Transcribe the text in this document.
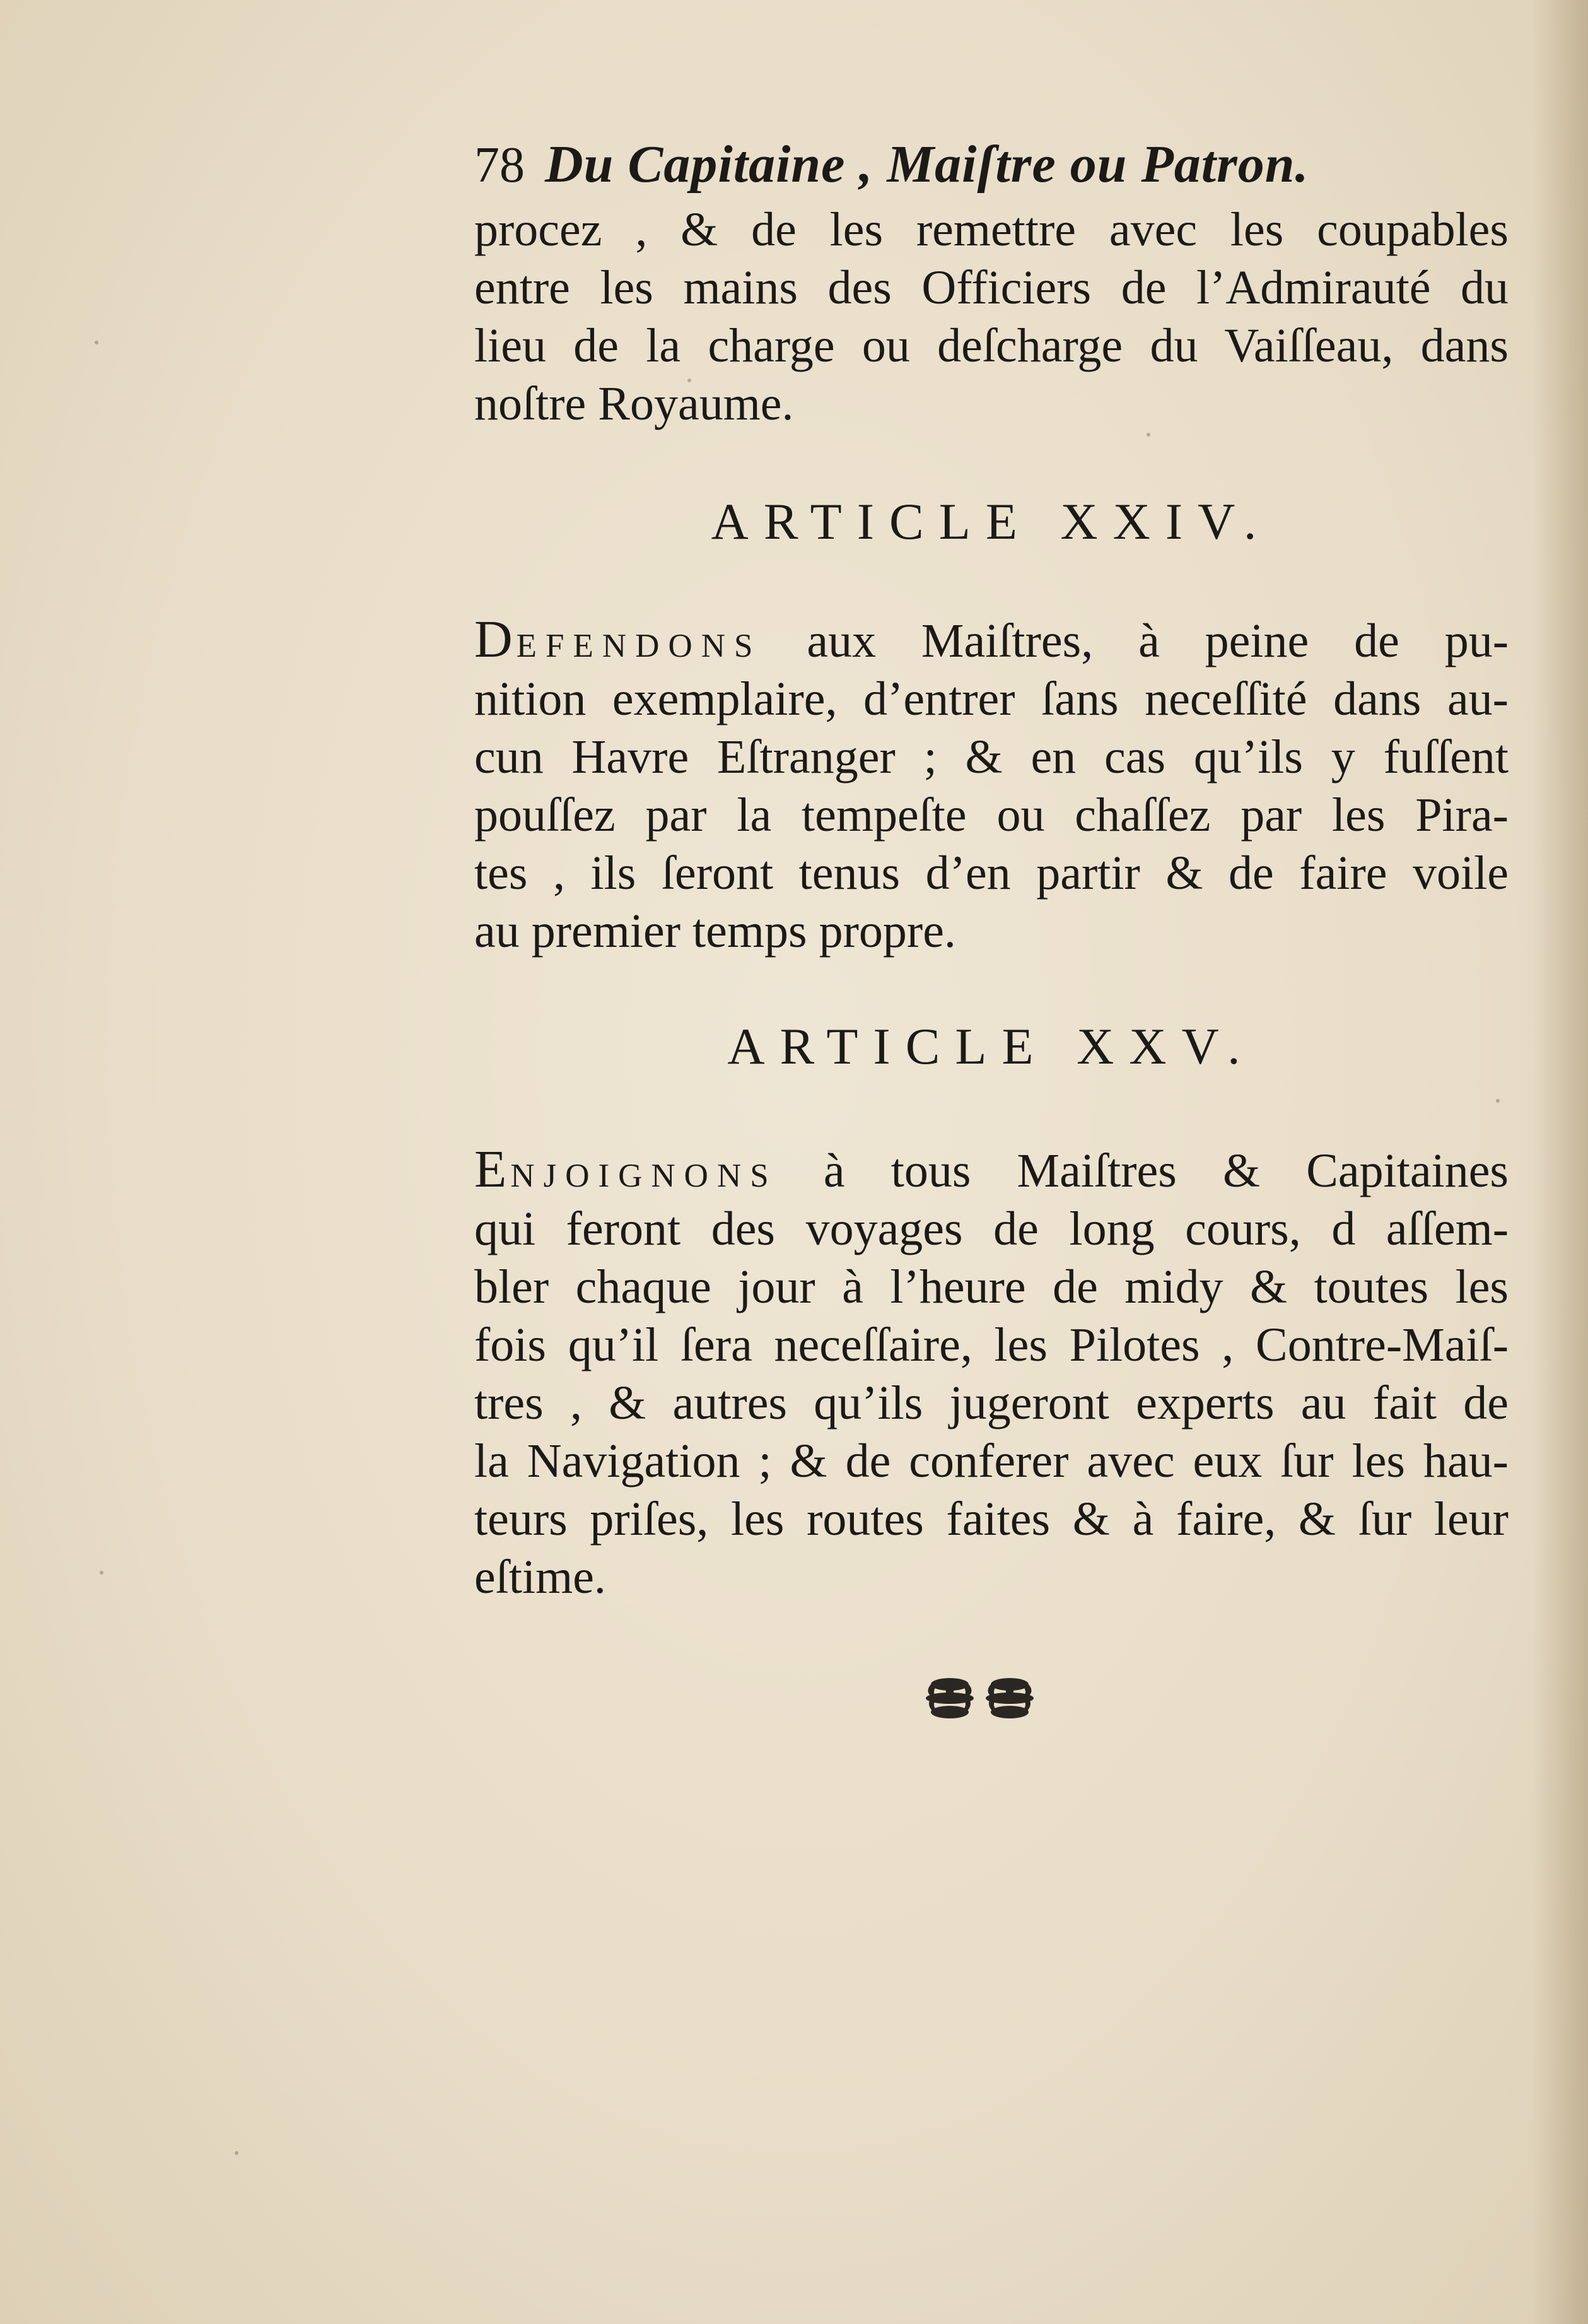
78 Du Capitaine , Maiſtre ou Patron.
procez , & de les remettre avec les coupables
entre les mains des Officiers de l’Admirauté du
lieu de la charge ou deſcharge du Vaiſſeau, dans
noſtre Royaume.
ARTICLE XXIV.
Defendons aux Maiſtres, à peine de pu-
nition exemplaire, d’entrer ſans neceſſité dans au-
cun Havre Eſtranger ; & en cas qu’ils y fuſſent
pouſſez par la tempeſte ou chaſſez par les Pira-
tes , ils ſeront tenus d’en partir & de faire voile
au premier temps propre.
ARTICLE XXV.
Enjoignons à tous Maiſtres & Capitaines
qui feront des voyages de long cours, d aſſem-
bler chaque jour à l’heure de midy & toutes les
fois qu’il ſera neceſſaire, les Pilotes , Contre-Maiſ-
tres , & autres qu’ils jugeront experts au fait de
la Navigation ; & de conferer avec eux ſur les hau-
teurs priſes, les routes faites & à faire, & ſur leur
eſtime.
